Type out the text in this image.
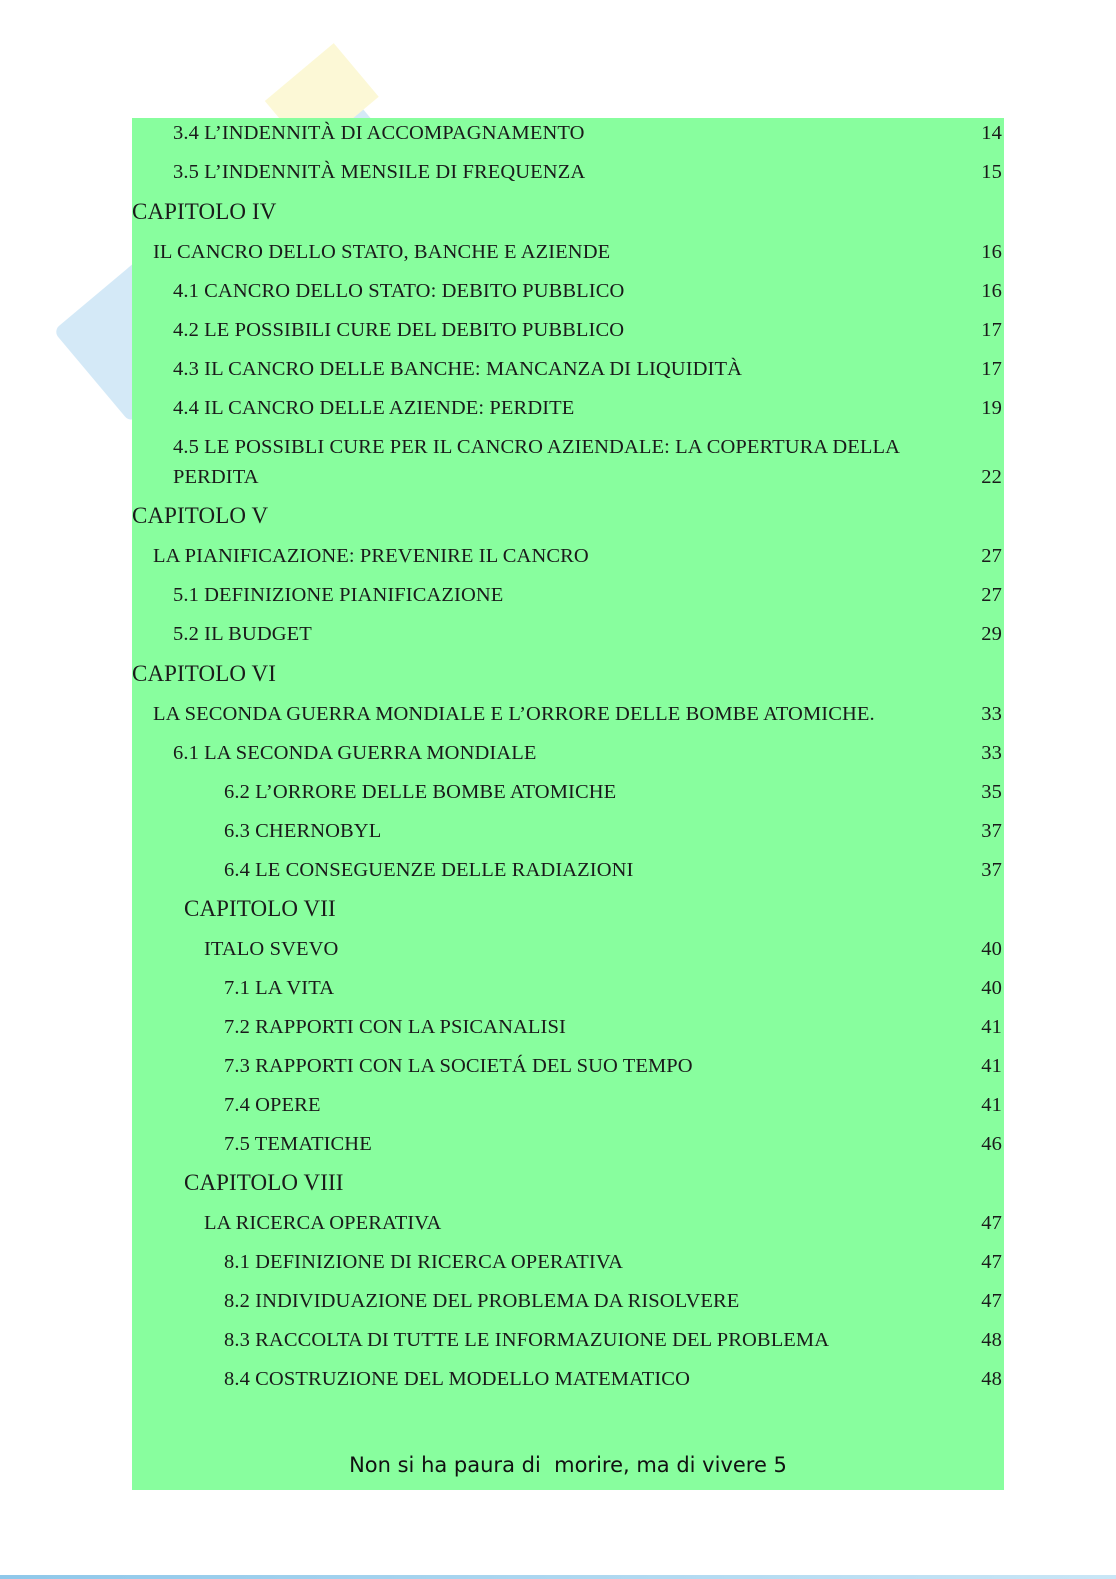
3.4 L’INDENNITÀ DI ACCOMPAGNAMENTO	14
3.5 L’INDENNITÀ MENSILE DI FREQUENZA	15
CAPITOLO IV
IL CANCRO DELLO STATO, BANCHE E AZIENDE	16
4.1 CANCRO DELLO STATO: DEBITO PUBBLICO	16
4.2 LE POSSIBILI CURE DEL DEBITO PUBBLICO	17
4.3 IL CANCRO DELLE BANCHE: MANCANZA DI LIQUIDITÀ	17
4.4 IL CANCRO DELLE AZIENDE: PERDITE	19
4.5 LE POSSIBLI CURE PER IL CANCRO AZIENDALE: LA COPERTURA DELLA PERDITA	22
CAPITOLO V
LA PIANIFICAZIONE: PREVENIRE IL CANCRO	27
5.1 DEFINIZIONE PIANIFICAZIONE	27
5.2 IL BUDGET	29
CAPITOLO VI
LA SECONDA GUERRA MONDIALE E L’ORRORE DELLE BOMBE ATOMICHE.	33
6.1 LA SECONDA GUERRA MONDIALE	33
6.2 L’ORRORE DELLE BOMBE ATOMICHE	35
6.3 CHERNOBYL	37
6.4 LE CONSEGUENZE DELLE RADIAZIONI	37
CAPITOLO VII
ITALO SVEVO	40
7.1 LA VITA	40
7.2 RAPPORTI CON LA PSICANALISI	41
7.3 RAPPORTI CON LA SOCIETÁ DEL SUO TEMPO	41
7.4 OPERE	41
7.5 TEMATICHE	46
CAPITOLO VIII
LA RICERCA OPERATIVA	47
8.1 DEFINIZIONE DI RICERCA OPERATIVA	47
8.2 INDIVIDUAZIONE DEL PROBLEMA DA RISOLVERE	47
8.3 RACCOLTA DI TUTTE LE INFORMAZUIONE DEL PROBLEMA	48
8.4 COSTRUZIONE DEL MODELLO MATEMATICO	48
Non si ha paura di  morire, ma di vivere 5
